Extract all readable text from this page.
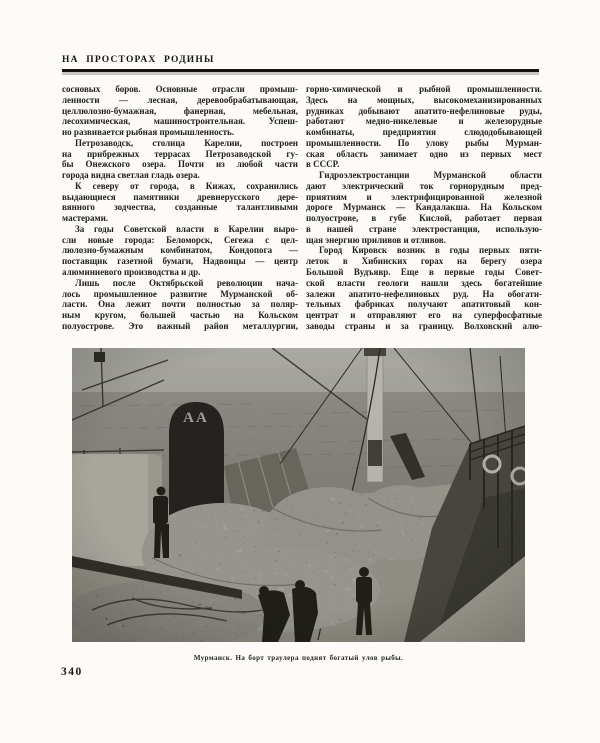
НА ПРОСТОРАХ РОДИНЫ
сосновых боров. Основные отрасли промыш-
ленности — лесная, деревообрабатывающая,
целлюлозно-бумажная, фанерная, мебельная,
лесохимическая, машиностроительная. Успеш-
но развивается рыбная промышленность.
Петрозаводск, столица Карелии, построен
на прибрежных террасах Петрозаводской гу-
бы Онежского озера. Почти из любой части
города видна светлая гладь озера.
К северу от города, в Кижах, сохранились
выдающиеся памятники древнерусского дере-
вянного зодчества, созданные талантливыми
мастерами.
За годы Советской власти в Карелии выро-
сли новые города: Беломорск, Сегежа с цел-
люлозно-бумажным комбинатом, Кондопога —
поставщик газетной бумаги, Надвоицы — центр
алюминиевого производства и др.
Лишь после Октябрьской революции нача-
лось промышленное развитие Мурманской об-
ласти. Она лежит почти полностью за поляр-
ным кругом, большей частью на Кольском
полуострове. Это важный район металлургии,
горно-химической и рыбной промышленности.
Здесь на мощных, высокомеханизированных
рудниках добывают апатито-нефелиновые руды,
работают медно-никелевые и железорудные
комбинаты, предприятия слюдодобывающей
промышленности. По улову рыбы Мурман-
ская область занимает одно из первых мест
в СССР.
Гидроэлектростанции Мурманской области
дают электрический ток горнорудным пред-
приятиям и электрифицированной железной
дороге Мурманск — Кандалакша. На Кольском
полуострове, в губе Кислой, работает первая
в нашей стране электростанция, использую-
щая энергию приливов и отливов.
Город Кировск возник в годы первых пяти-
леток в Хибинских горах на берегу озера
Большой Вудъявр. Еще в первые годы Совет-
ской власти геологи нашли здесь богатейшие
залежи апатито-нефелиновых руд. На обогати-
тельных фабриках получают апатитовый кон-
центрат и отправляют его на суперфосфатные
заводы страны и за границу. Волховский алю-
Мурманск. На борт траулера поднят богатый улов рыбы.
340
